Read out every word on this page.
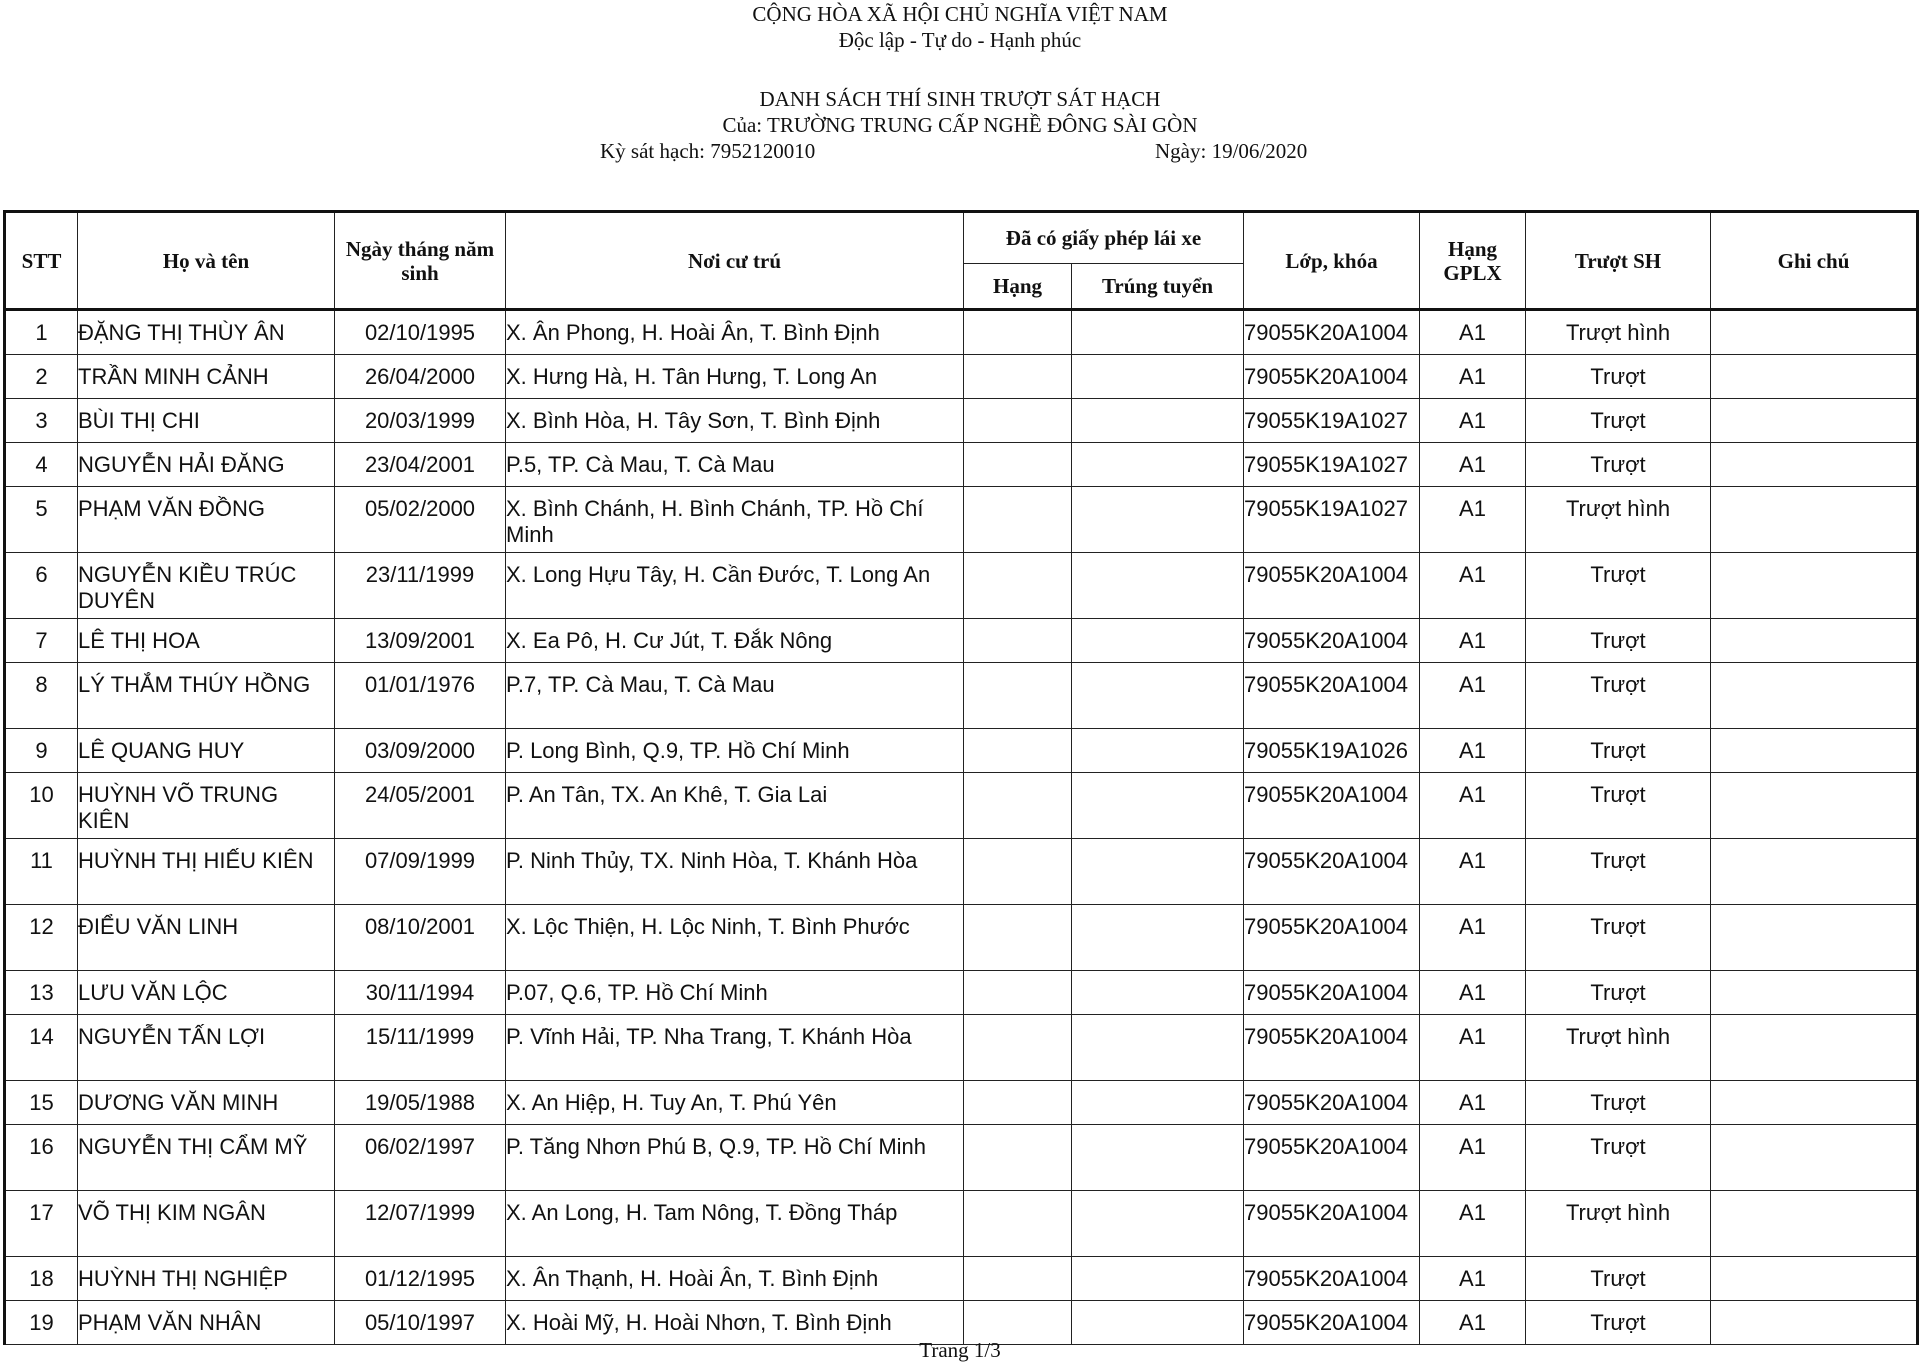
CỘNG HÒA XÃ HỘI CHỦ NGHĨA VIỆT NAM
Độc lập - Tự do - Hạnh phúc
DANH SÁCH THÍ SINH TRƯỢT SÁT HẠCH
Của: TRƯỜNG TRUNG CẤP NGHỀ ĐÔNG SÀI GÒN
Kỳ sát hạch: 7952120010	Ngày: 19/06/2020
STT	Họ và tên	Ngày tháng năm sinh	Nơi cư trú	Đã có giấy phép lái xe		Lớp, khóa	Hạng GPLX	Trượt SH	Ghi chú
				Hạng	Trúng tuyển				
1	ĐẶNG THỊ THÙY ÂN	02/10/1995	X. Ân Phong, H. Hoài Ân, T. Bình Định			79055K20A1004	A1	Trượt hình	
2	TRẦN MINH CẢNH	26/04/2000	X. Hưng Hà, H. Tân Hưng, T. Long An			79055K20A1004	A1	Trượt	
3	BÙI THỊ CHI	20/03/1999	X. Bình Hòa, H. Tây Sơn, T. Bình Định			79055K19A1027	A1	Trượt	
4	NGUYỄN HẢI ĐĂNG	23/04/2001	P.5, TP. Cà Mau, T. Cà Mau			79055K19A1027	A1	Trượt	
5	PHẠM VĂN ĐỒNG	05/02/2000	X. Bình Chánh, H. Bình Chánh, TP. Hồ Chí Minh			79055K19A1027	A1	Trượt hình	
6	NGUYỄN KIỀU TRÚC DUYÊN	23/11/1999	X. Long Hựu Tây, H. Cần Đước, T. Long An			79055K20A1004	A1	Trượt	
7	LÊ THỊ HOA	13/09/2001	X. Ea Pô, H. Cư Jút, T. Đắk Nông			79055K20A1004	A1	Trượt	
8	LÝ THẮM THÚY HỒNG	01/01/1976	P.7, TP. Cà Mau, T. Cà Mau			79055K20A1004	A1	Trượt	
9	LÊ QUANG HUY	03/09/2000	P. Long Bình, Q.9, TP. Hồ Chí Minh			79055K19A1026	A1	Trượt	
10	HUỲNH VÕ TRUNG KIÊN	24/05/2001	P. An Tân, TX. An Khê, T. Gia Lai			79055K20A1004	A1	Trượt	
11	HUỲNH THỊ HIẾU KIÊN	07/09/1999	P. Ninh Thủy, TX. Ninh Hòa, T. Khánh Hòa			79055K20A1004	A1	Trượt	
12	ĐIỂU VĂN LINH	08/10/2001	X. Lộc Thiện, H. Lộc Ninh, T. Bình Phước			79055K20A1004	A1	Trượt	
13	LƯU VĂN LỘC	30/11/1994	P.07, Q.6, TP. Hồ Chí Minh			79055K20A1004	A1	Trượt	
14	NGUYỄN TẤN LỢI	15/11/1999	P. Vĩnh Hải, TP. Nha Trang, T. Khánh Hòa			79055K20A1004	A1	Trượt hình	
15	DƯƠNG VĂN MINH	19/05/1988	X. An Hiệp, H. Tuy An, T. Phú Yên			79055K20A1004	A1	Trượt	
16	NGUYỄN THỊ CẨM MỸ	06/02/1997	P. Tăng Nhơn Phú B, Q.9, TP. Hồ Chí Minh			79055K20A1004	A1	Trượt	
17	VÕ THỊ KIM NGÂN	12/07/1999	X. An Long, H. Tam Nông, T. Đồng Tháp			79055K20A1004	A1	Trượt hình	
18	HUỲNH THỊ NGHIỆP	01/12/1995	X. Ân Thạnh, H. Hoài Ân, T. Bình Định			79055K20A1004	A1	Trượt	
19	PHẠM VĂN NHÂN	05/10/1997	X. Hoài Mỹ, H. Hoài Nhơn, T. Bình Định			79055K20A1004	A1	Trượt	
Trang 1/3
